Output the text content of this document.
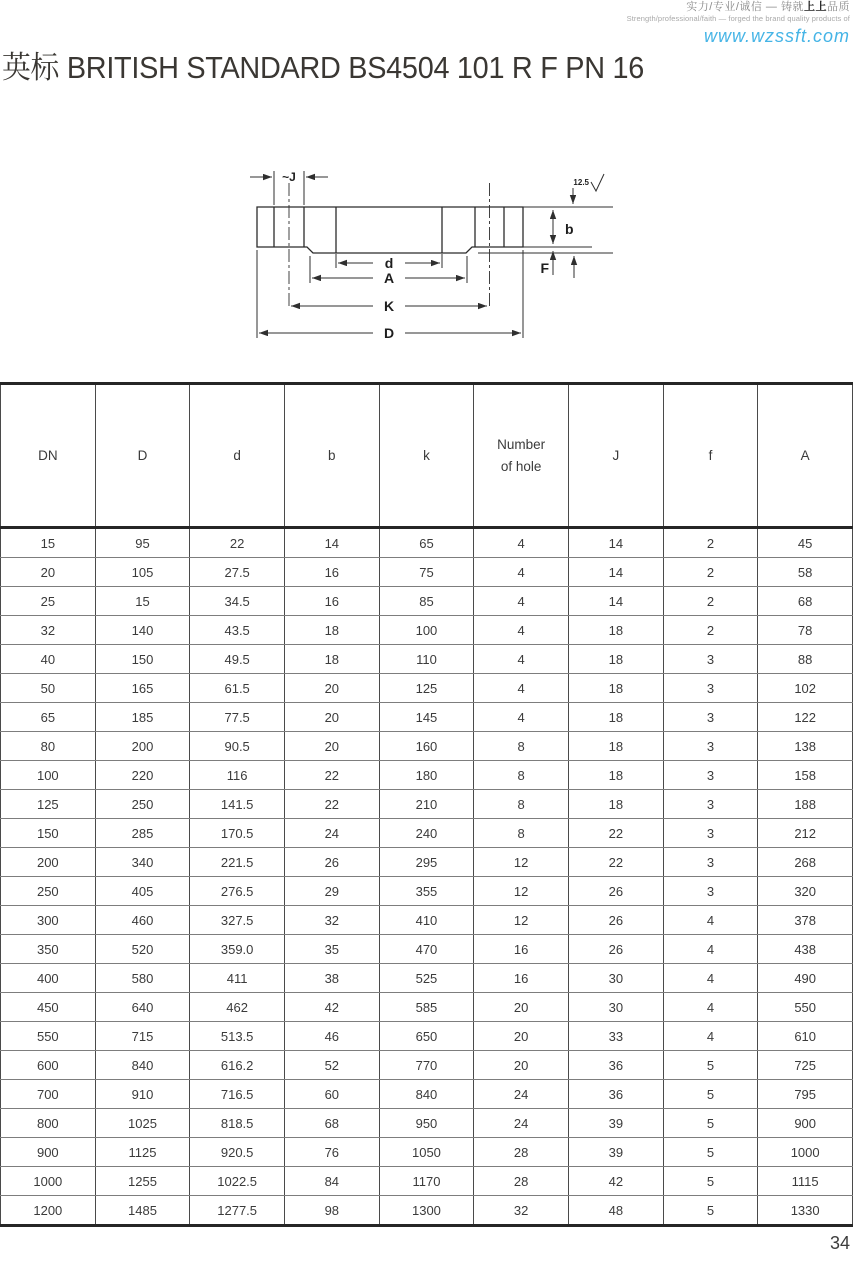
实力/专业/诚信 — 铸就上上品质
Strength/professional/faith — forged the brand quality products of
www.wzssft.com
英标 BRITISH STANDARD BS4504 101 R F PN 16
~J	12.5
b
F
d
A
K
D
DN	D	d	b	k	Number of hole	J	f	A
15	95	22	14	65	4	14	2	45
20	105	27.5	16	75	4	14	2	58
25	15	34.5	16	85	4	14	2	68
32	140	43.5	18	100	4	18	2	78
40	150	49.5	18	110	4	18	3	88
50	165	61.5	20	125	4	18	3	102
65	185	77.5	20	145	4	18	3	122
80	200	90.5	20	160	8	18	3	138
100	220	116	22	180	8	18	3	158
125	250	141.5	22	210	8	18	3	188
150	285	170.5	24	240	8	22	3	212
200	340	221.5	26	295	12	22	3	268
250	405	276.5	29	355	12	26	3	320
300	460	327.5	32	410	12	26	4	378
350	520	359.0	35	470	16	26	4	438
400	580	411	38	525	16	30	4	490
450	640	462	42	585	20	30	4	550
550	715	513.5	46	650	20	33	4	610
600	840	616.2	52	770	20	36	5	725
700	910	716.5	60	840	24	36	5	795
800	1025	818.5	68	950	24	39	5	900
900	1125	920.5	76	1050	28	39	5	1000
1000	1255	1022.5	84	1170	28	42	5	1115
1200	1485	1277.5	98	1300	32	48	5	1330
34
